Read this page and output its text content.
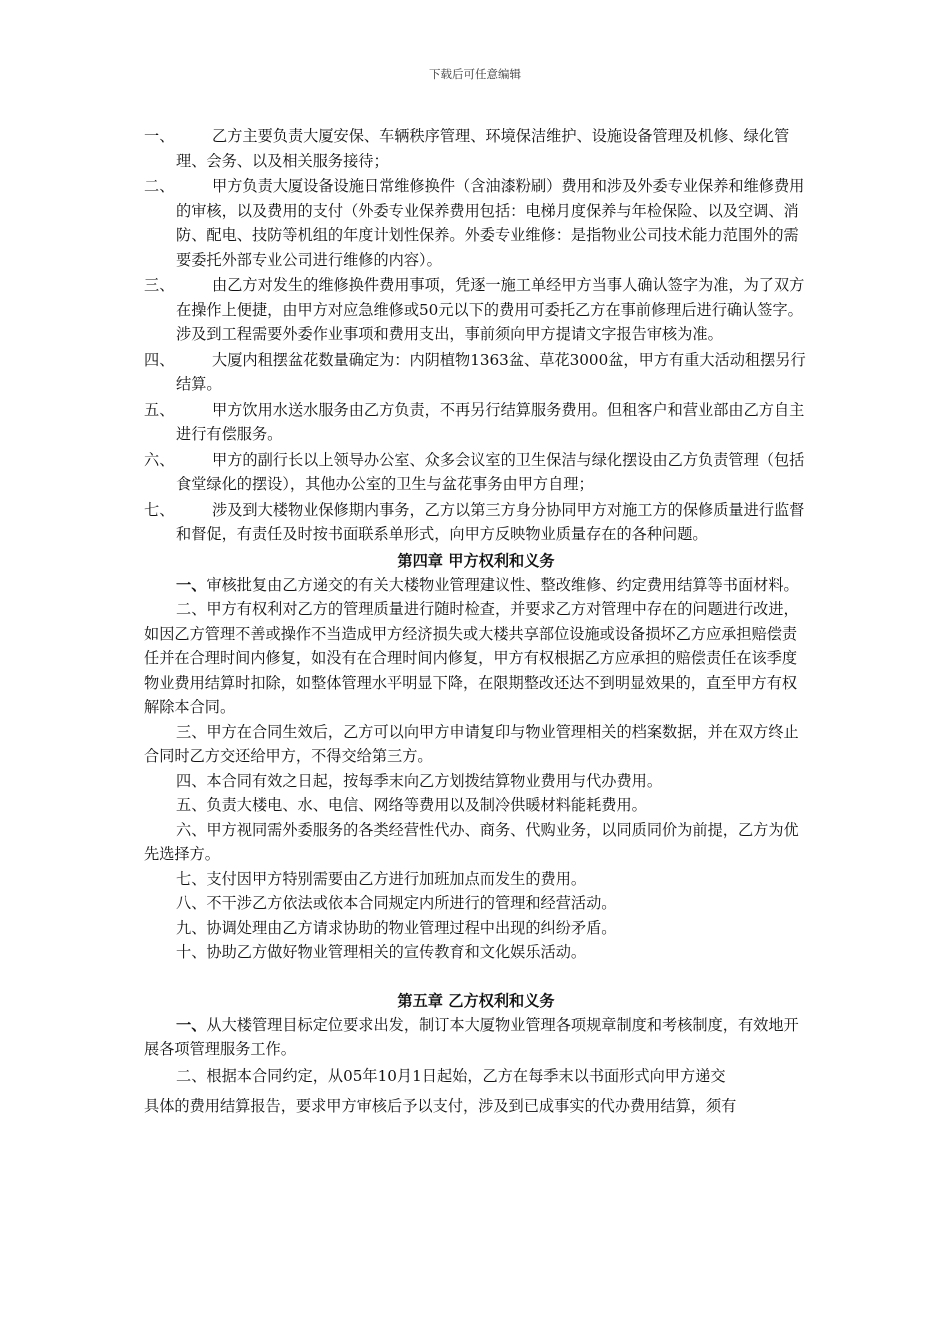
下载后可任意编辑
一、 乙方主要负责大厦安保、车辆秩序管理、环境保洁维护、设施设备管理及机修、绿化管理、会务、以及相关服务接待；
二、 甲方负责大厦设备设施日常维修换件（含油漆粉刷）费用和涉及外委专业保养和维修费用的审核，以及费用的支付（外委专业保养费用包括：电梯月度保养与年检保险、以及空调、消防、配电、技防等机组的年度计划性保养。外委专业维修：是指物业公司技术能力范围外的需要委托外部专业公司进行维修的内容）。
三、 由乙方对发生的维修换件费用事项，凭逐一施工单经甲方当事人确认签字为准，为了双方在操作上便捷，由甲方对应急维修或50元以下的费用可委托乙方在事前修理后进行确认签字。涉及到工程需要外委作业事项和费用支出，事前须向甲方提请文字报告审核为准。
四、 大厦内租摆盆花数量确定为：内阴植物1363盆、草花3000盆，甲方有重大活动租摆另行结算。
五、 甲方饮用水送水服务由乙方负责，不再另行结算服务费用。但租客户和营业部由乙方自主进行有偿服务。
六、 甲方的副行长以上领导办公室、众多会议室的卫生保洁与绿化摆设由乙方负责管理（包括食堂绿化的摆设），其他办公室的卫生与盆花事务由甲方自理；
七、 涉及到大楼物业保修期内事务，乙方以第三方身分协同甲方对施工方的保修质量进行监督和督促，有责任及时按书面联系单形式，向甲方反映物业质量存在的各种问题。
第四章 甲方权利和义务
一、审核批复由乙方递交的有关大楼物业管理建议性、整改维修、约定费用结算等书面材料。
二、甲方有权利对乙方的管理质量进行随时检查，并要求乙方对管理中存在的问题进行改进，如因乙方管理不善或操作不当造成甲方经济损失或大楼共享部位设施或设备损坏乙方应承担赔偿责任并在合理时间内修复，如没有在合理时间内修复，甲方有权根据乙方应承担的赔偿责任在该季度物业费用结算时扣除，如整体管理水平明显下降，在限期整改还达不到明显效果的，直至甲方有权解除本合同。
三、甲方在合同生效后，乙方可以向甲方申请复印与物业管理相关的档案数据，并在双方终止合同时乙方交还给甲方，不得交给第三方。
四、本合同有效之日起，按每季末向乙方划拨结算物业费用与代办费用。
五、负责大楼电、水、电信、网络等费用以及制冷供暖材料能耗费用。
六、甲方视同需外委服务的各类经营性代办、商务、代购业务，以同质同价为前提，乙方为优先选择方。
七、支付因甲方特别需要由乙方进行加班加点而发生的费用。
八、不干涉乙方依法或依本合同规定内所进行的管理和经营活动。
九、协调处理由乙方请求协助的物业管理过程中出现的纠纷矛盾。
十、协助乙方做好物业管理相关的宣传教育和文化娱乐活动。
第五章 乙方权利和义务
一、从大楼管理目标定位要求出发，制订本大厦物业管理各项规章制度和考核制度，有效地开展各项管理服务工作。
二、根据本合同约定，从05年10月1日起始，乙方在每季末以书面形式向甲方递交
具体的费用结算报告，要求甲方审核后予以支付，涉及到已成事实的代办费用结算，须有
